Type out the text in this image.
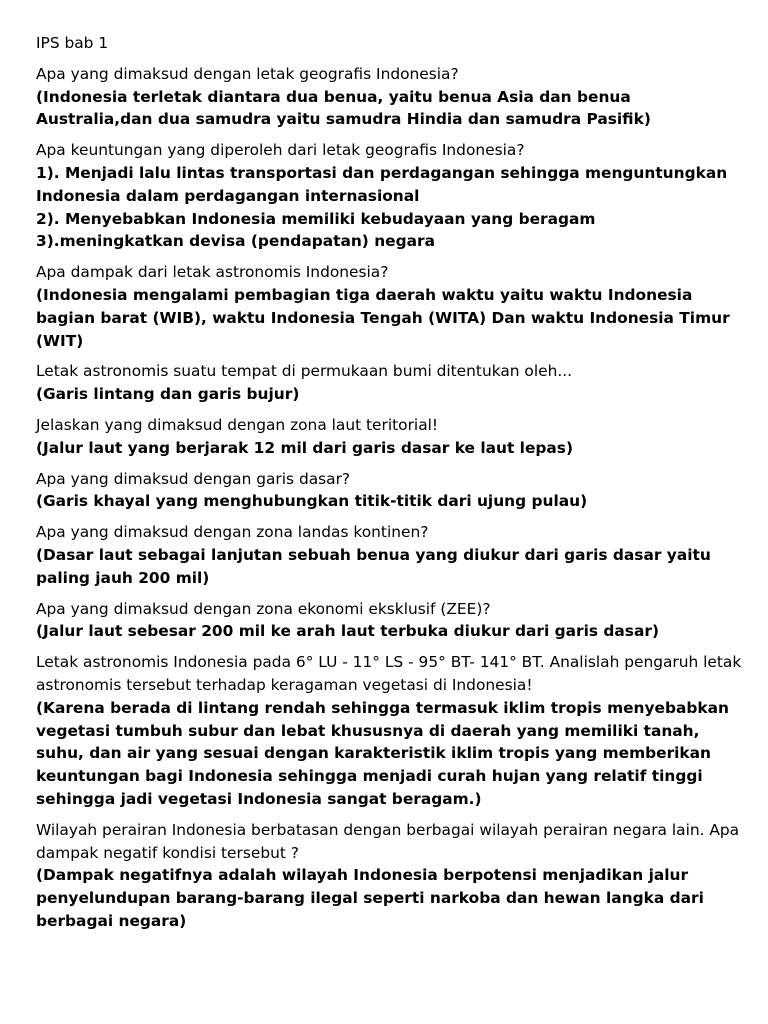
IPS bab 1

Apa yang dimaksud dengan letak geografis Indonesia?

(Indonesia terletak diantara dua benua, yaitu benua Asia dan benua Australia,dan dua samudra yaitu samudra Hindia dan samudra Pasifik)

Apa keuntungan yang diperoleh dari letak geografis Indonesia?

1). Menjadi lalu lintas transportasi dan perdagangan sehingga menguntungkan Indonesia dalam perdagangan internasional

2). Menyebabkan Indonesia memiliki kebudayaan yang beragam

3).meningkatkan devisa (pendapatan) negara

Apa dampak dari letak astronomis Indonesia?

(Indonesia mengalami pembagian tiga daerah waktu yaitu waktu Indonesia bagian barat (WIB), waktu Indonesia Tengah (WITA) Dan waktu Indonesia Timur (WIT)

Letak astronomis suatu tempat di permukaan bumi ditentukan oleh...

(Garis lintang dan garis bujur)

Jelaskan yang dimaksud dengan zona laut teritorial!

(Jalur laut yang berjarak 12 mil dari garis dasar ke laut lepas)

Apa yang dimaksud dengan garis dasar?

(Garis khayal yang menghubungkan titik-titik dari ujung pulau)

Apa yang dimaksud dengan zona landas kontinen?

(Dasar laut sebagai lanjutan sebuah benua yang diukur dari garis dasar yaitu paling jauh 200 mil)

Apa yang dimaksud dengan zona ekonomi eksklusif (ZEE)?

(Jalur laut sebesar 200 mil ke arah laut terbuka diukur dari garis dasar)

Letak astronomis Indonesia pada 6° LU - 11° LS - 95° BT- 141° BT. Analislah pengaruh letak astronomis tersebut terhadap keragaman vegetasi di Indonesia!

(Karena berada di lintang rendah sehingga termasuk iklim tropis menyebabkan vegetasi tumbuh subur dan lebat khususnya di daerah yang memiliki tanah, suhu, dan air yang sesuai dengan karakteristik iklim tropis yang memberikan keuntungan bagi Indonesia sehingga menjadi curah hujan yang relatif tinggi sehingga jadi vegetasi Indonesia sangat beragam.)

Wilayah perairan Indonesia berbatasan dengan berbagai wilayah perairan negara lain. Apa dampak negatif kondisi tersebut ?

(Dampak negatifnya adalah wilayah Indonesia berpotensi menjadikan jalur penyelundupan barang-barang ilegal seperti narkoba dan hewan langka dari berbagai negara)
